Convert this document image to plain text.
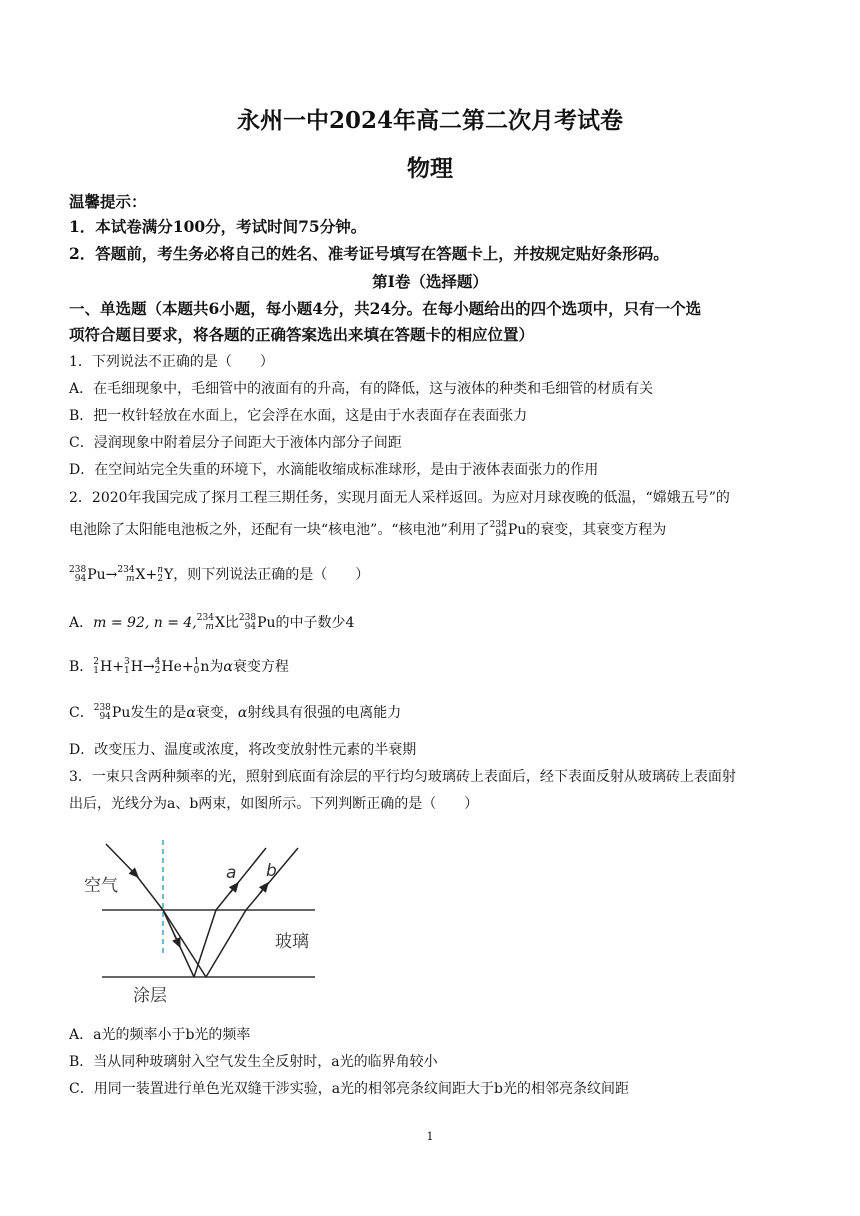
永州一中2024年高二第二次月考试卷
物理
温馨提示：
1．本试卷满分100分，考试时间75分钟。
2．答题前，考生务必将自己的姓名、准考证号填写在答题卡上，并按规定贴好条形码。
第Ⅰ卷（选择题）
一、单选题（本题共6小题，每小题4分，共24分。在每小题给出的四个选项中，只有一个选
项符合题目要求，将各题的正确答案选出来填在答题卡的相应位置）
1．下列说法不正确的是（　　）
A．在毛细现象中，毛细管中的液面有的升高，有的降低，这与液体的种类和毛细管的材质有关
B．把一枚针轻放在水面上，它会浮在水面，这是由于水表面存在表面张力
C．浸润现象中附着层分子间距大于液体内部分子间距
D．在空间站完全失重的环境下，水滴能收缩成标准球形，是由于液体表面张力的作用
2．2020年我国完成了探月工程三期任务，实现月面无人采样返回。为应对月球夜晚的低温，“嫦娥五号”的
电池除了太阳能电池板之外，还配有一块“核电池”。“核电池”利用了 238
94 Pu的衰变，其衰变方程为
238
94 Pu→ 234
m X+ n
2 Y，则下列说法正确的是（　　）
A．m = 92, n = 4, 234
m X比 238
94 Pu的中子数少4
B． 2
1 H+ 3
1 H→ 4
2 He+ 1
0 n为α衰变方程
C． 238
94 Pu发生的是α衰变，α射线具有很强的电离能力
D．改变压力、温度或浓度，将改变放射性元素的半衰期
3．一束只含两种频率的光，照射到底面有涂层的平行均匀玻璃砖上表面后，经下表面反射从玻璃砖上表面射
出后，光线分为a、b两束，如图所示。下列判断正确的是（　　）
空气
玻璃
涂层
a b
A．a光的频率小于b光的频率
B．当从同种玻璃射入空气发生全反射时，a光的临界角较小
C．用同一装置进行单色光双缝干涉实验，a光的相邻亮条纹间距大于b光的相邻亮条纹间距
1
